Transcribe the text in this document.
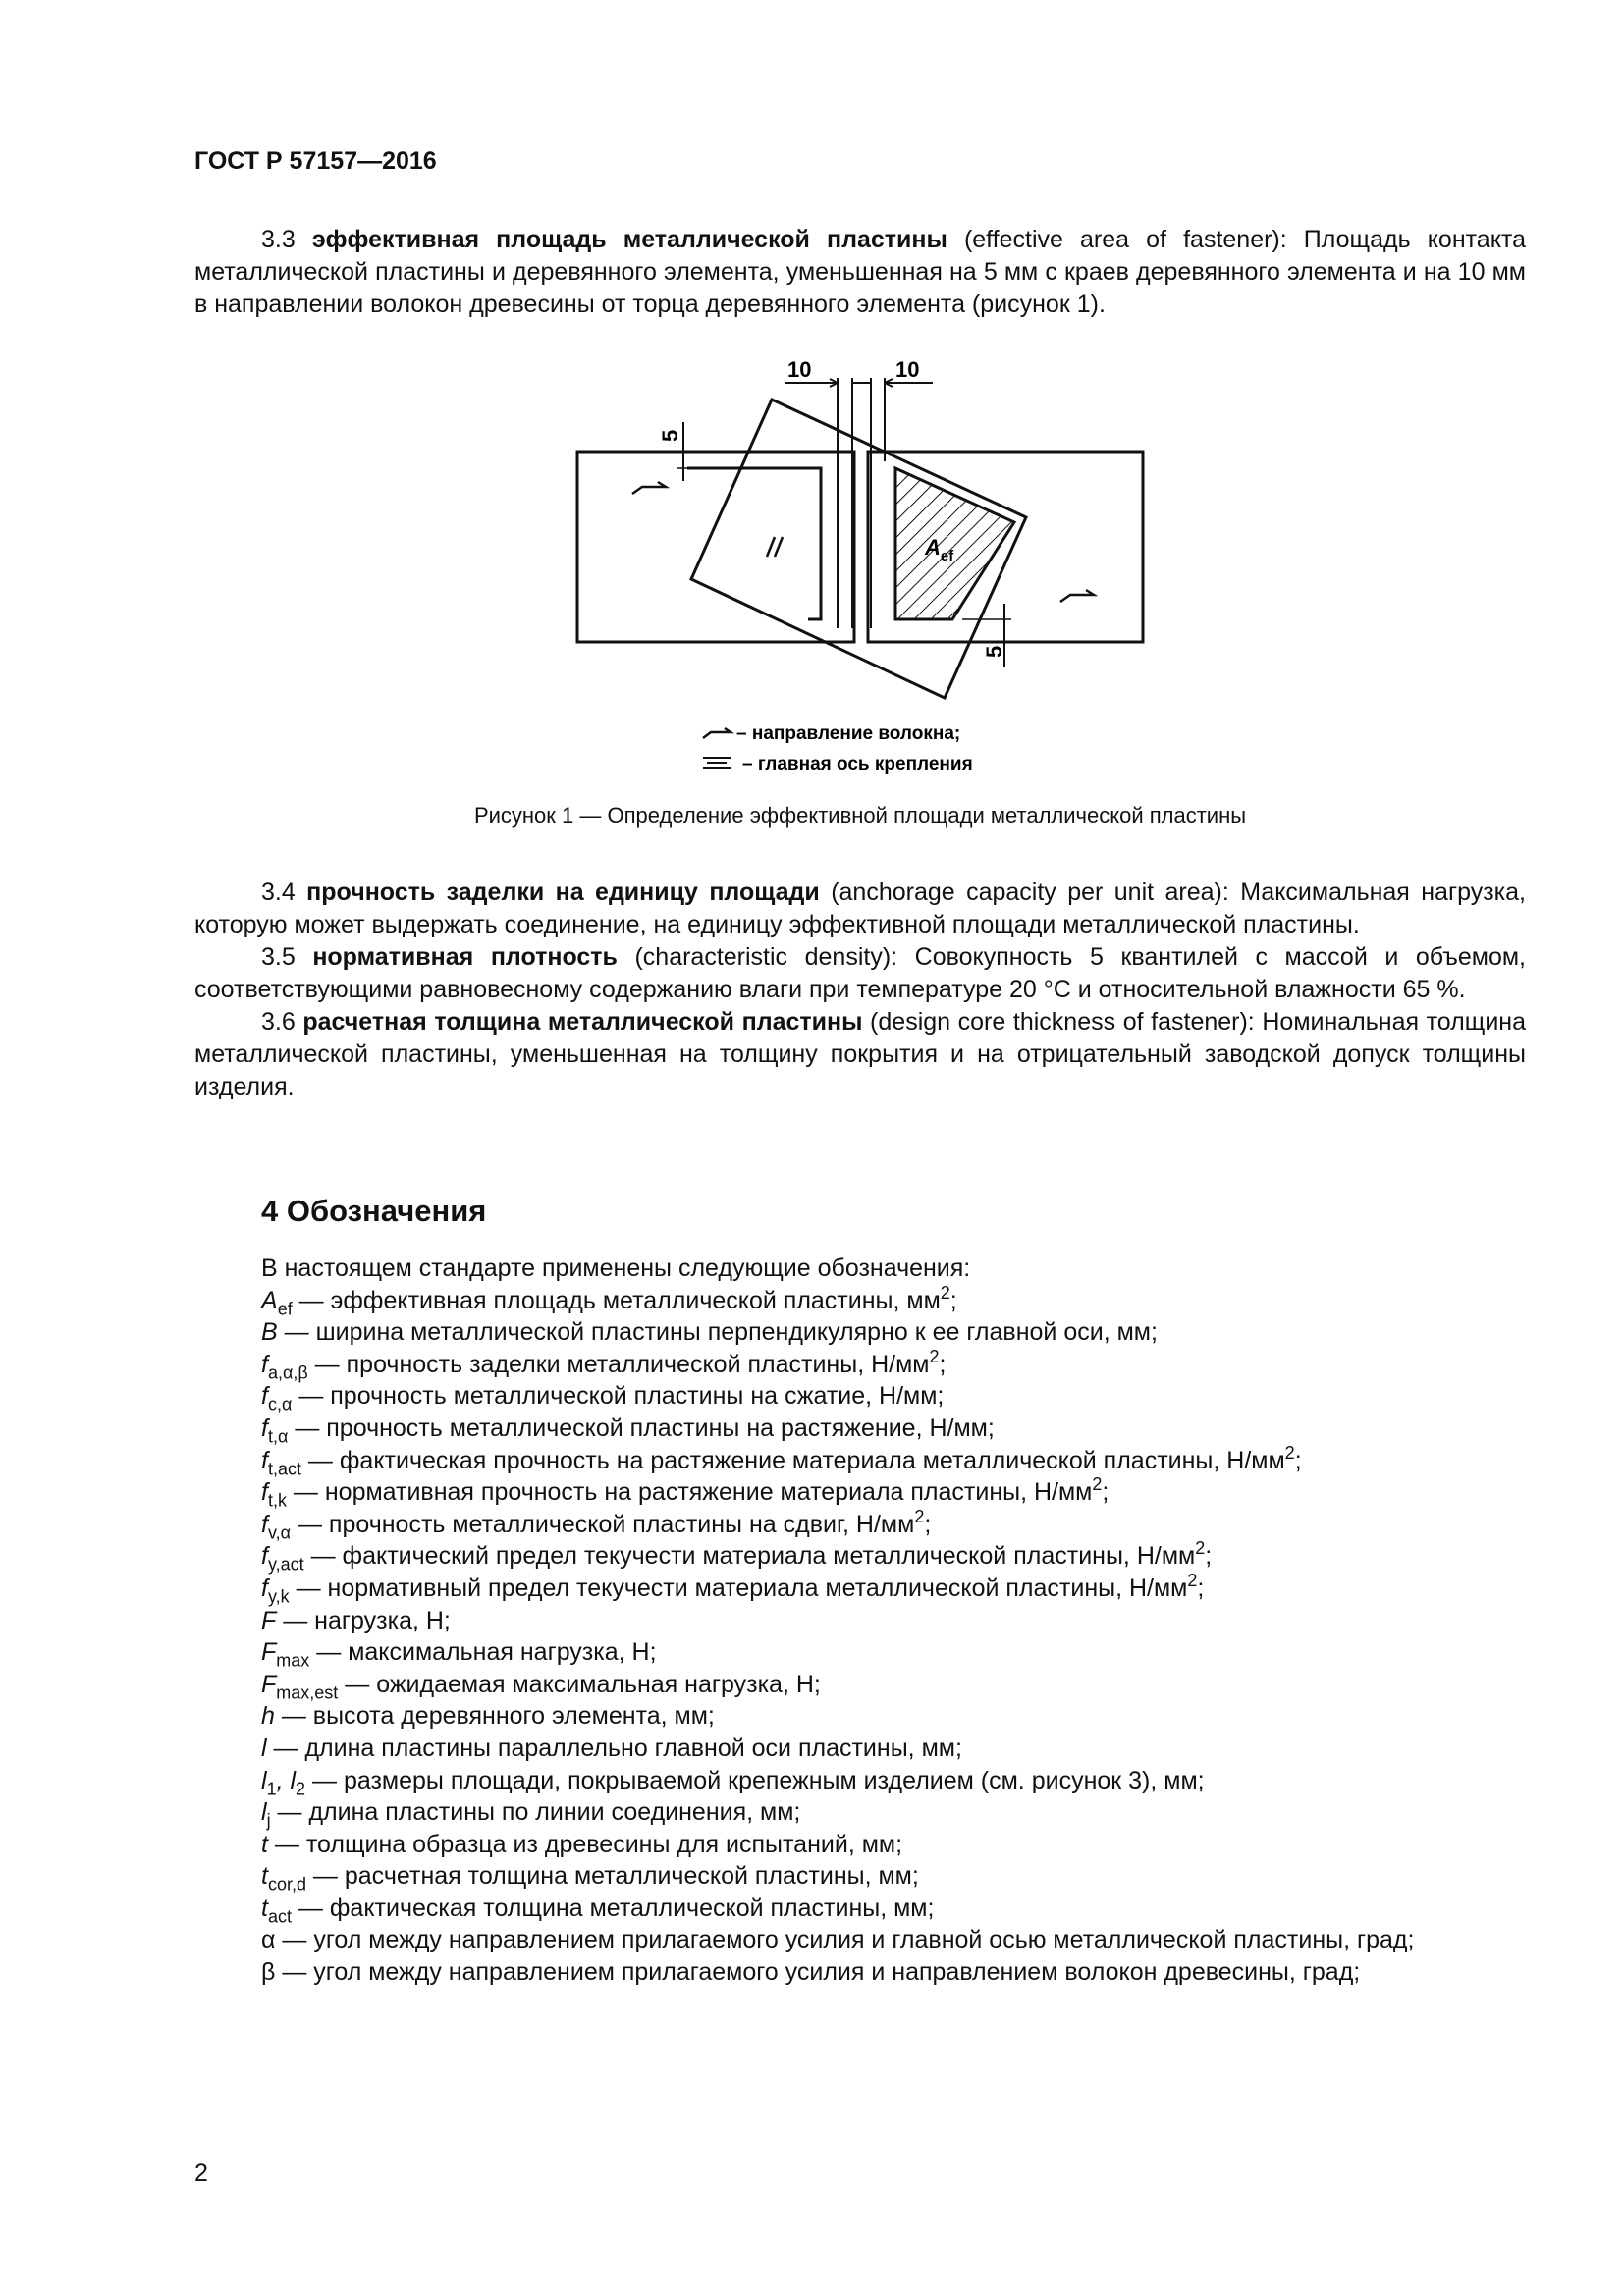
ГОСТ Р 57157—2016

3.3 эффективная площадь металлической пластины (effective area of fastener): Площадь контакта металлической пластины и деревянного элемента, уменьшенная на 5 мм с краев деревянного элемента и на 10 мм в направлении волокон древесины от торца деревянного элемента (рисунок 1).

10	10
5
5
$A_{ef}$
– направление волокна;
– главная ось крепления
Рисунок 1 — Определение эффективной площади металлической пластины

3.4 прочность заделки на единицу площади (anchorage capacity per unit area): Максимальная нагрузка, которую может выдержать соединение, на единицу эффективной площади металлической пластины.

3.5 нормативная плотность (characteristic density): Совокупность 5 квантилей с массой и объемом, соответствующими равновесному содержанию влаги при температуре 20 °С и относительной влажности 65 %.

3.6 расчетная толщина металлической пластины (design core thickness of fastener): Номинальная толщина металлической пластины, уменьшенная на толщину покрытия и на отрицательный заводской допуск толщины изделия.

4 Обозначения
В настоящем стандарте применены следующие обозначения:
$A_{ef}$ — эффективная площадь металлической пластины, $мм^2$;
B — ширина металлической пластины перпендикулярно к ее главной оси, мм;
$f_{a,\alpha,\beta}$ — прочность заделки металлической пластины, $Н/мм^2$;
$f_{c,\alpha}$ — прочность металлической пластины на сжатие, Н/мм;
$f_{t,\alpha}$ — прочность металлической пластины на растяжение, Н/мм;
$f_{t,act}$ — фактическая прочность на растяжение материала металлической пластины, $Н/мм^2$;
$f_{t,k}$ — нормативная прочность на растяжение материала пластины, $Н/мм^2$;
$f_{v,\alpha}$ — прочность металлической пластины на сдвиг, $Н/мм^2$;
$f_{y,act}$ — фактический предел текучести материала металлической пластины, $Н/мм^2$;
$f_{y,k}$ — нормативный предел текучести материала металлической пластины, $Н/мм^2$;
F — нагрузка, Н;
$F_{max}$ — максимальная нагрузка, Н;
$F_{max,est}$ — ожидаемая максимальная нагрузка, Н;
h — высота деревянного элемента, мм;
l — длина пластины параллельно главной оси пластины, мм;
$l_1$, $l_2$ — размеры площади, покрываемой крепежным изделием (см. рисунок 3), мм;
$l_j$ — длина пластины по линии соединения, мм;
t — толщина образца из древесины для испытаний, мм;
$t_{cor,d}$ — расчетная толщина металлической пластины, мм;
$t_{act}$ — фактическая толщина металлической пластины, мм;
α — угол между направлением прилагаемого усилия и главной осью металлической пластины, град;
β — угол между направлением прилагаемого усилия и направлением волокон древесины, град;
2
